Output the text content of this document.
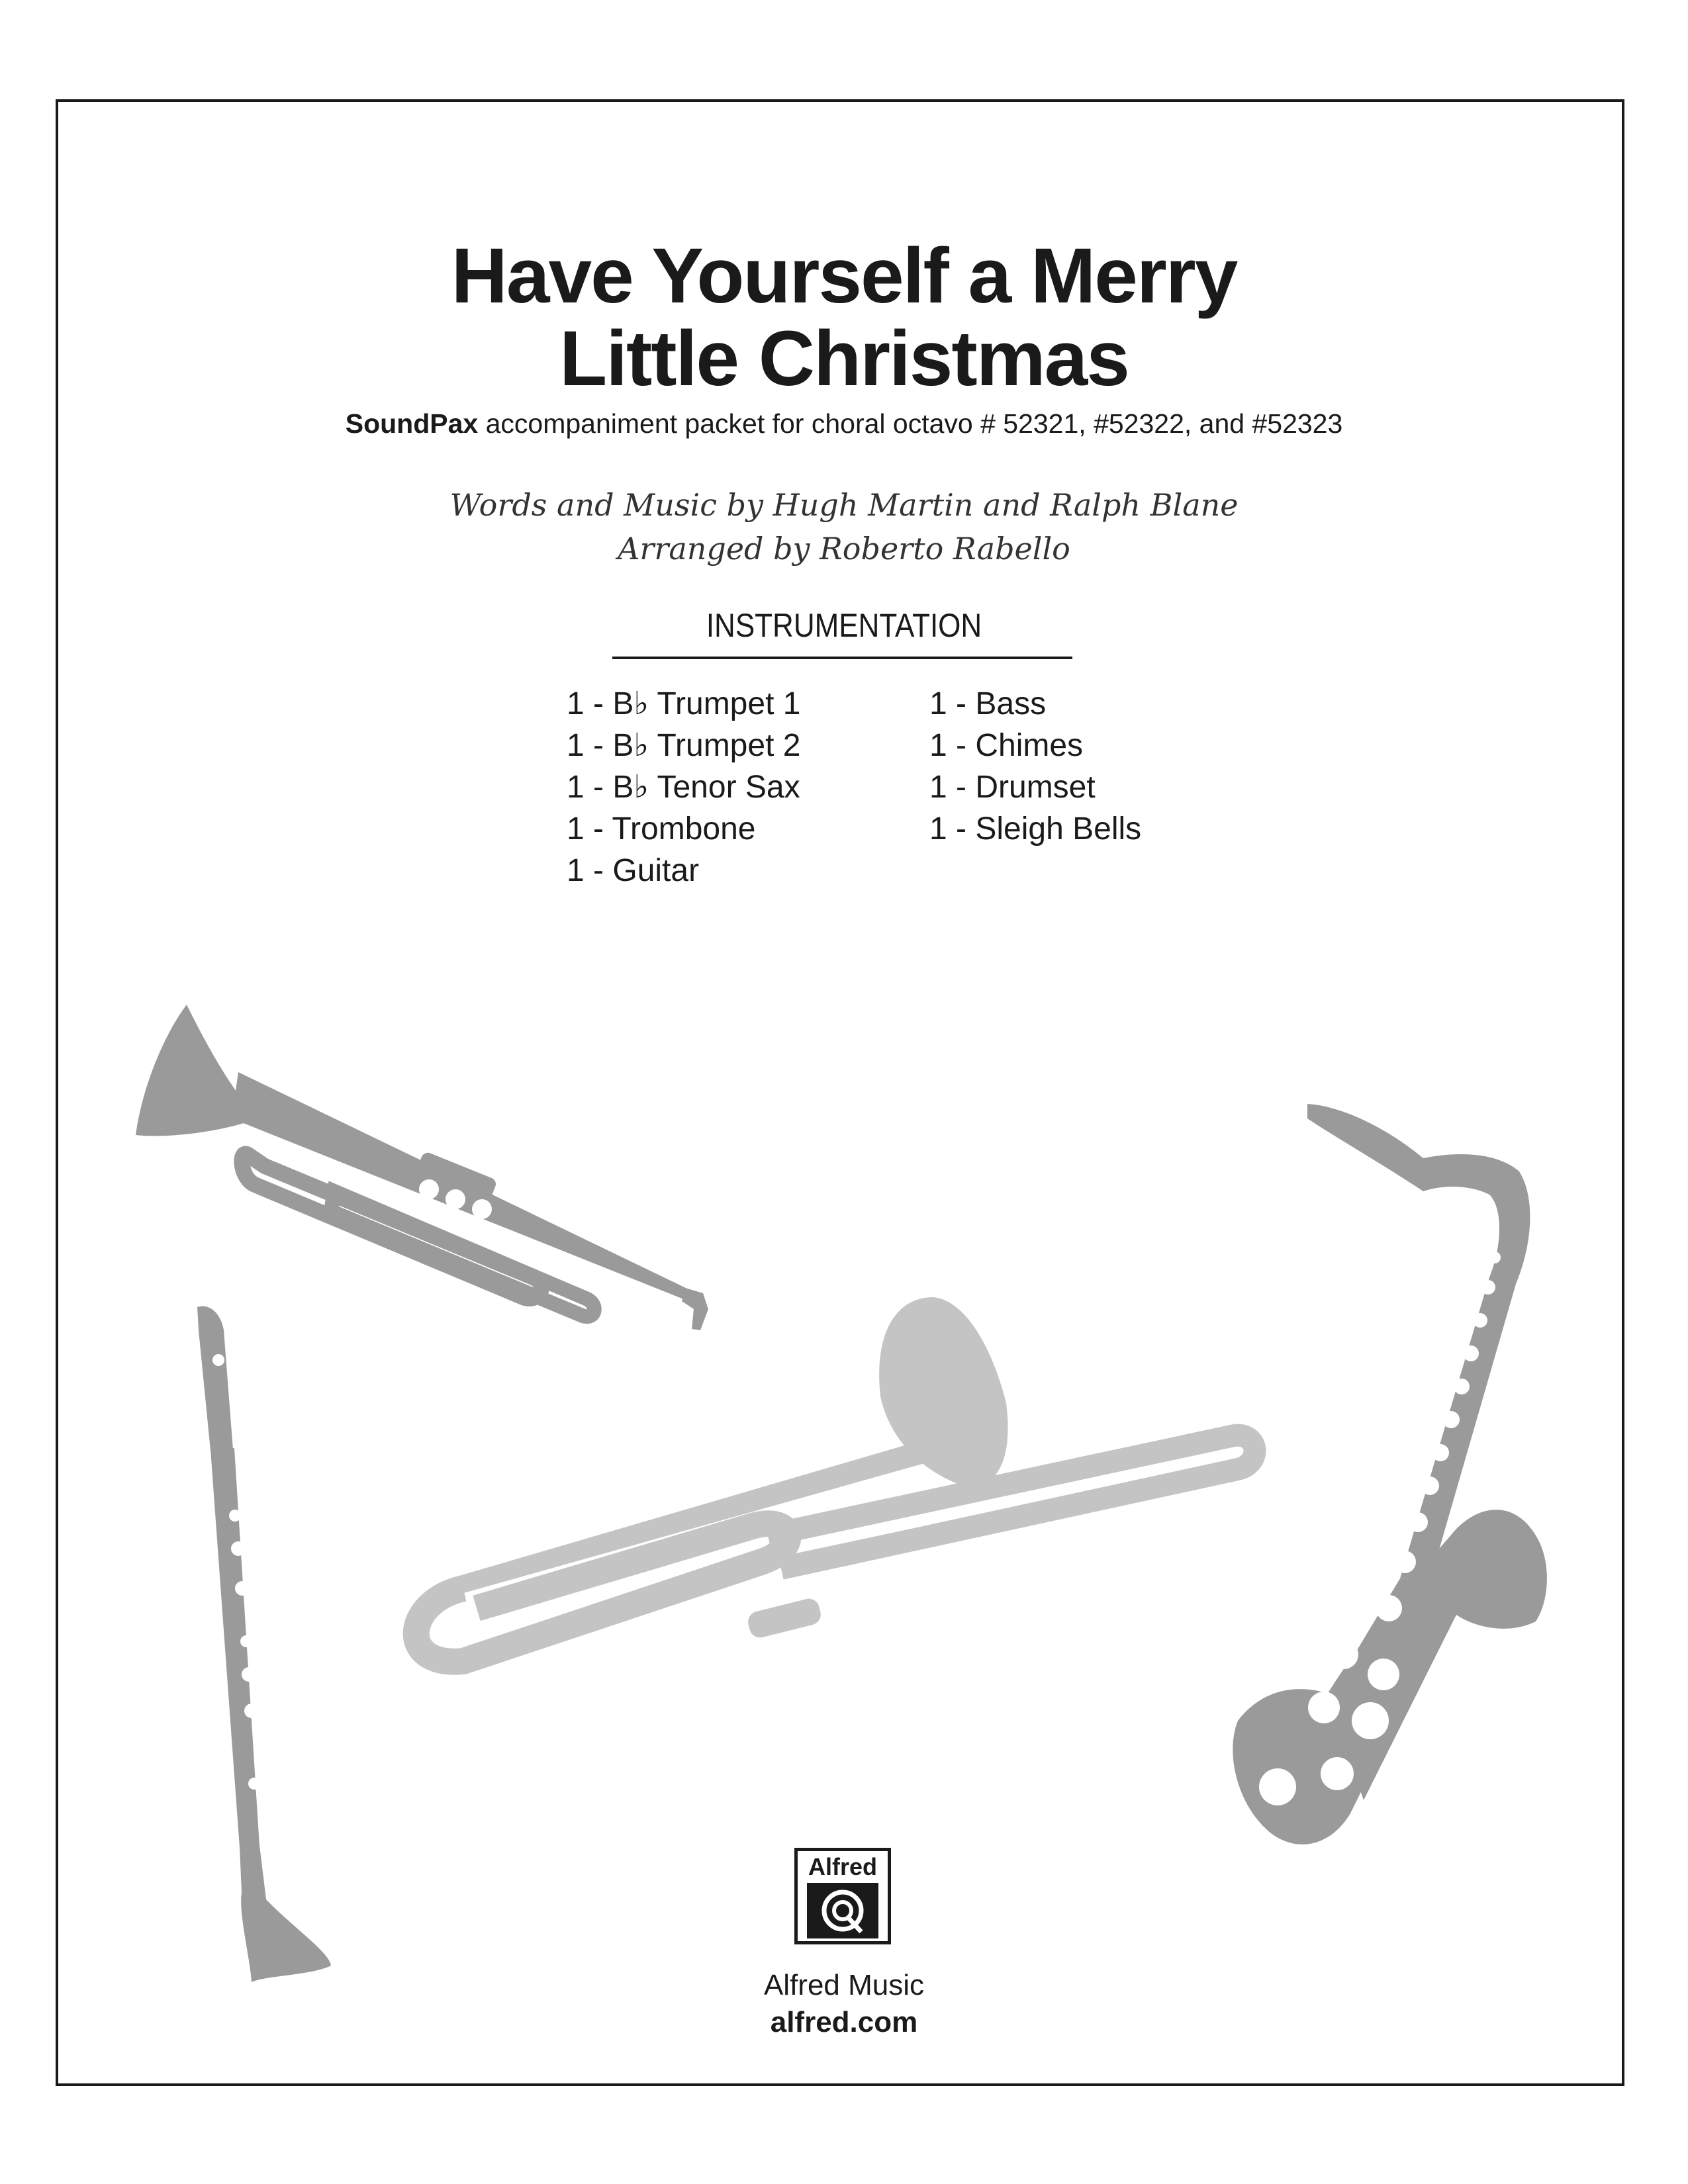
Have Yourself a Merry
Little Christmas
SoundPax accompaniment packet for choral octavo # 52321, #52322, and #52323
Words and Music by Hugh Martin and Ralph Blane
Arranged by Roberto Rabello
INSTRUMENTATION
1 - B♭ Trumpet 1
1 - B♭ Trumpet 2
1 - B♭ Tenor Sax
1 - Trombone
1 - Guitar
1 - Bass
1 - Chimes
1 - Drumset
1 - Sleigh Bells
Alfred
Alfred Music
alfred.com
